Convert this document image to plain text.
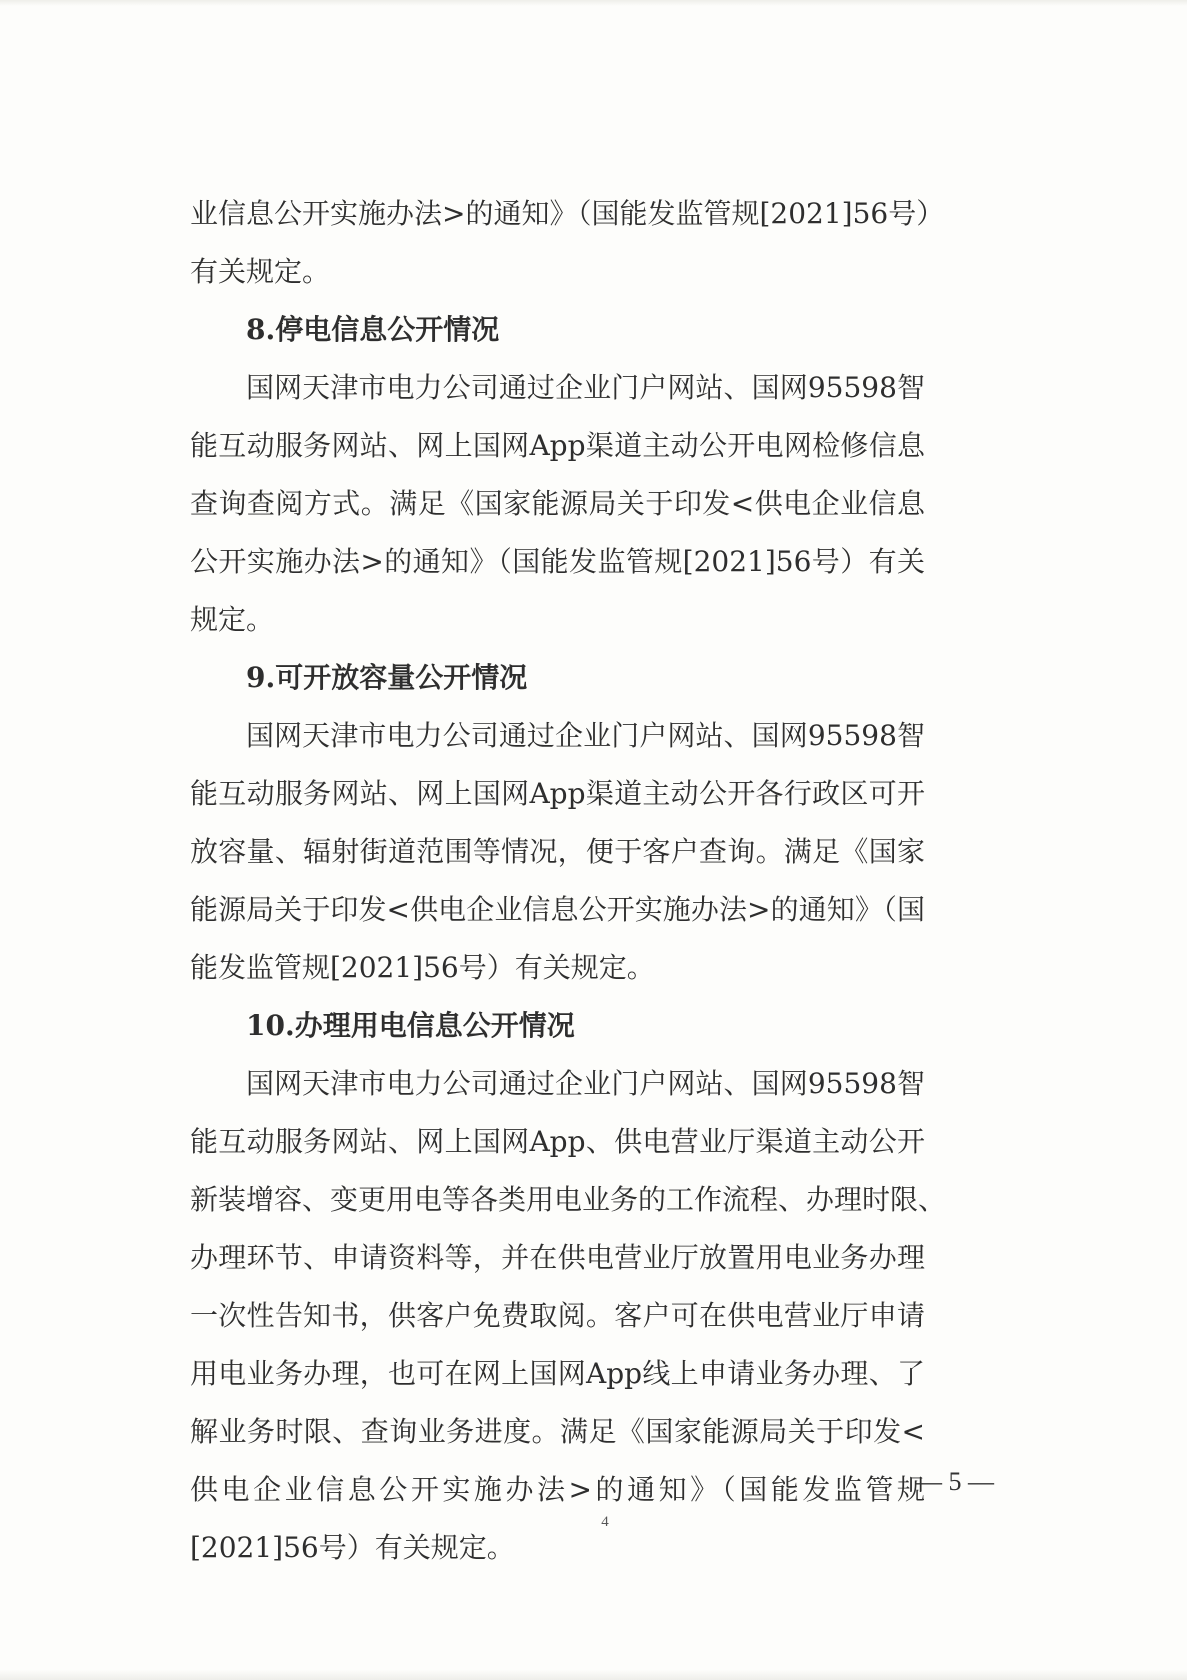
业信息公开实施办法>的通知》（国能发监管规[2021]56号）
有关规定。
8.停电信息公开情况
国网天津市电力公司通过企业门户网站、国网95598智
能互动服务网站、网上国网App渠道主动公开电网检修信息
查询查阅方式。满足《国家能源局关于印发<供电企业信息
公开实施办法>的通知》（国能发监管规[2021]56号）有关
规定。
9.可开放容量公开情况
国网天津市电力公司通过企业门户网站、国网95598智
能互动服务网站、网上国网App渠道主动公开各行政区可开
放容量、辐射街道范围等情况，便于客户查询。满足《国家
能源局关于印发<供电企业信息公开实施办法>的通知》（国
能发监管规[2021]56号）有关规定。
10.办理用电信息公开情况
国网天津市电力公司通过企业门户网站、国网95598智
能互动服务网站、网上国网App、供电营业厅渠道主动公开
新装增容、变更用电等各类用电业务的工作流程、办理时限、
办理环节、申请资料等，并在供电营业厅放置用电业务办理
一次性告知书，供客户免费取阅。客户可在供电营业厅申请
用电业务办理，也可在网上国网App线上申请业务办理、了
解业务时限、查询业务进度。满足《国家能源局关于印发<
供电企业信息公开实施办法>的通知》（国能发监管规
[2021]56号）有关规定。
— 5 —
4
